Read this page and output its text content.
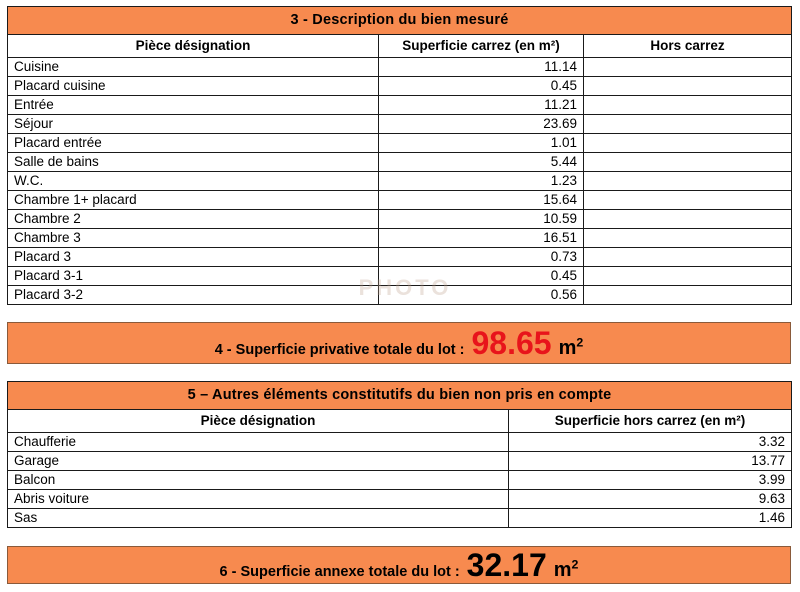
PHOTO
3 - Description du bien mesuré		
Pièce désignation	Superficie carrez (en m²)	Hors carrez
Cuisine	11.14	
Placard cuisine	0.45	
Entrée	11.21	
Séjour	23.69	
Placard entrée	1.01	
Salle de bains	5.44	
W.C.	1.23	
Chambre 1+ placard	15.64	
Chambre 2	10.59	
Chambre 3	16.51	
Placard 3	0.73	
Placard 3-1	0.45	
Placard 3-2	0.56	
4 - Superficie privative totale du lot : 98.65 $m^2$
5 – Autres éléments constitutifs du bien non pris en compte	
Pièce désignation	Superficie hors carrez (en m²)
Chaufferie	3.32
Garage	13.77
Balcon	3.99
Abris voiture	9.63
Sas	1.46
6 - Superficie annexe totale du lot : 32.17 $m^2$
